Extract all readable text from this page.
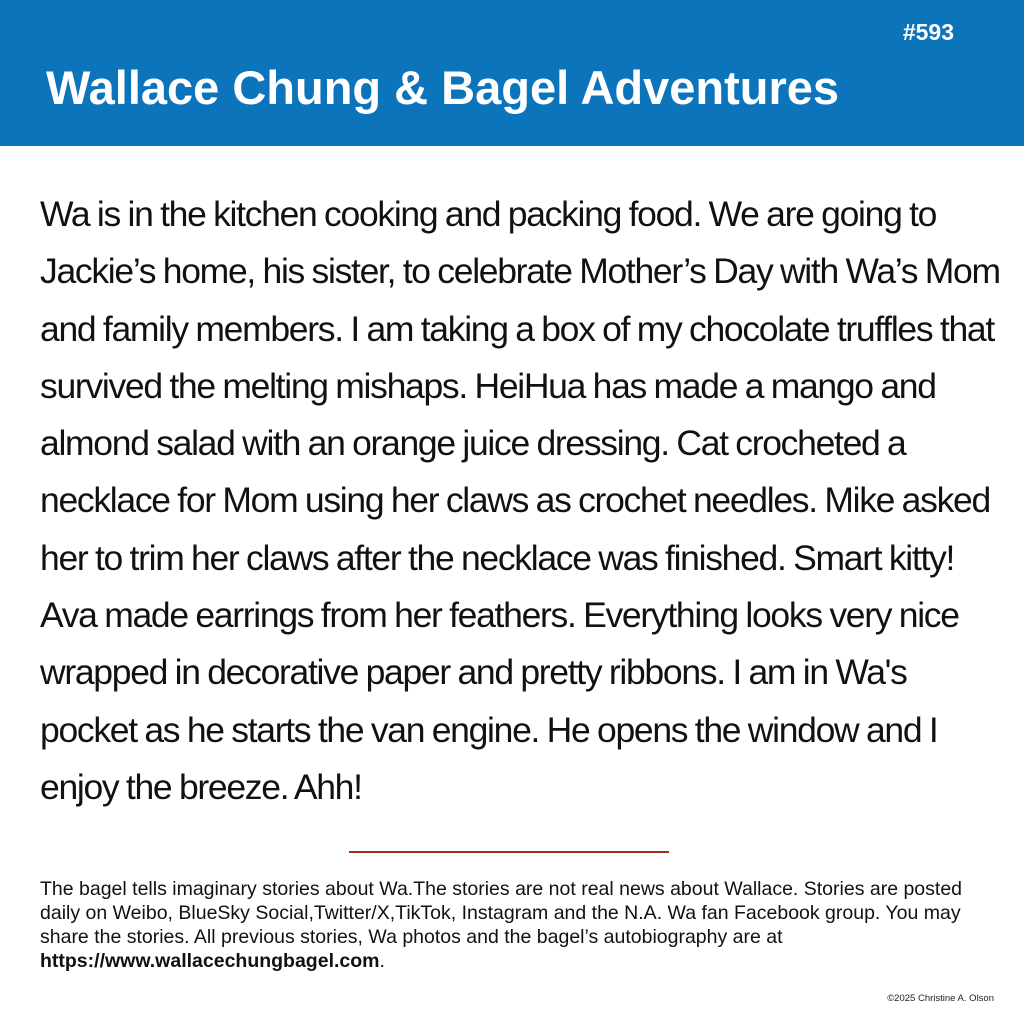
#593
Wallace Chung & Bagel Adventures
Wa is in the kitchen cooking and packing food. We are going to Jackie’s home, his sister, to celebrate Mother’s Day with Wa’s Mom and family members. I am taking a box of my chocolate truffles that survived the melting mishaps. HeiHua has made a mango and almond salad with an orange juice dressing. Cat crocheted a necklace for Mom using her claws as crochet needles. Mike asked her to trim her claws after the necklace was finished. Smart kitty! Ava made earrings from her feathers. Everything looks very nice wrapped in decorative paper and pretty ribbons. I am in Wa's pocket as he starts the van engine. He opens the window and I enjoy the breeze. Ahh!
The bagel tells imaginary stories about Wa.The stories are not real news about Wallace. Stories are posted daily on Weibo, BlueSky Social,Twitter/X,TikTok, Instagram and the N.A. Wa fan Facebook group. You may share the stories. All previous stories, Wa photos and the bagel’s autobiography are at https://www.wallacechungbagel.com.
©2025 Christine A. Olson
